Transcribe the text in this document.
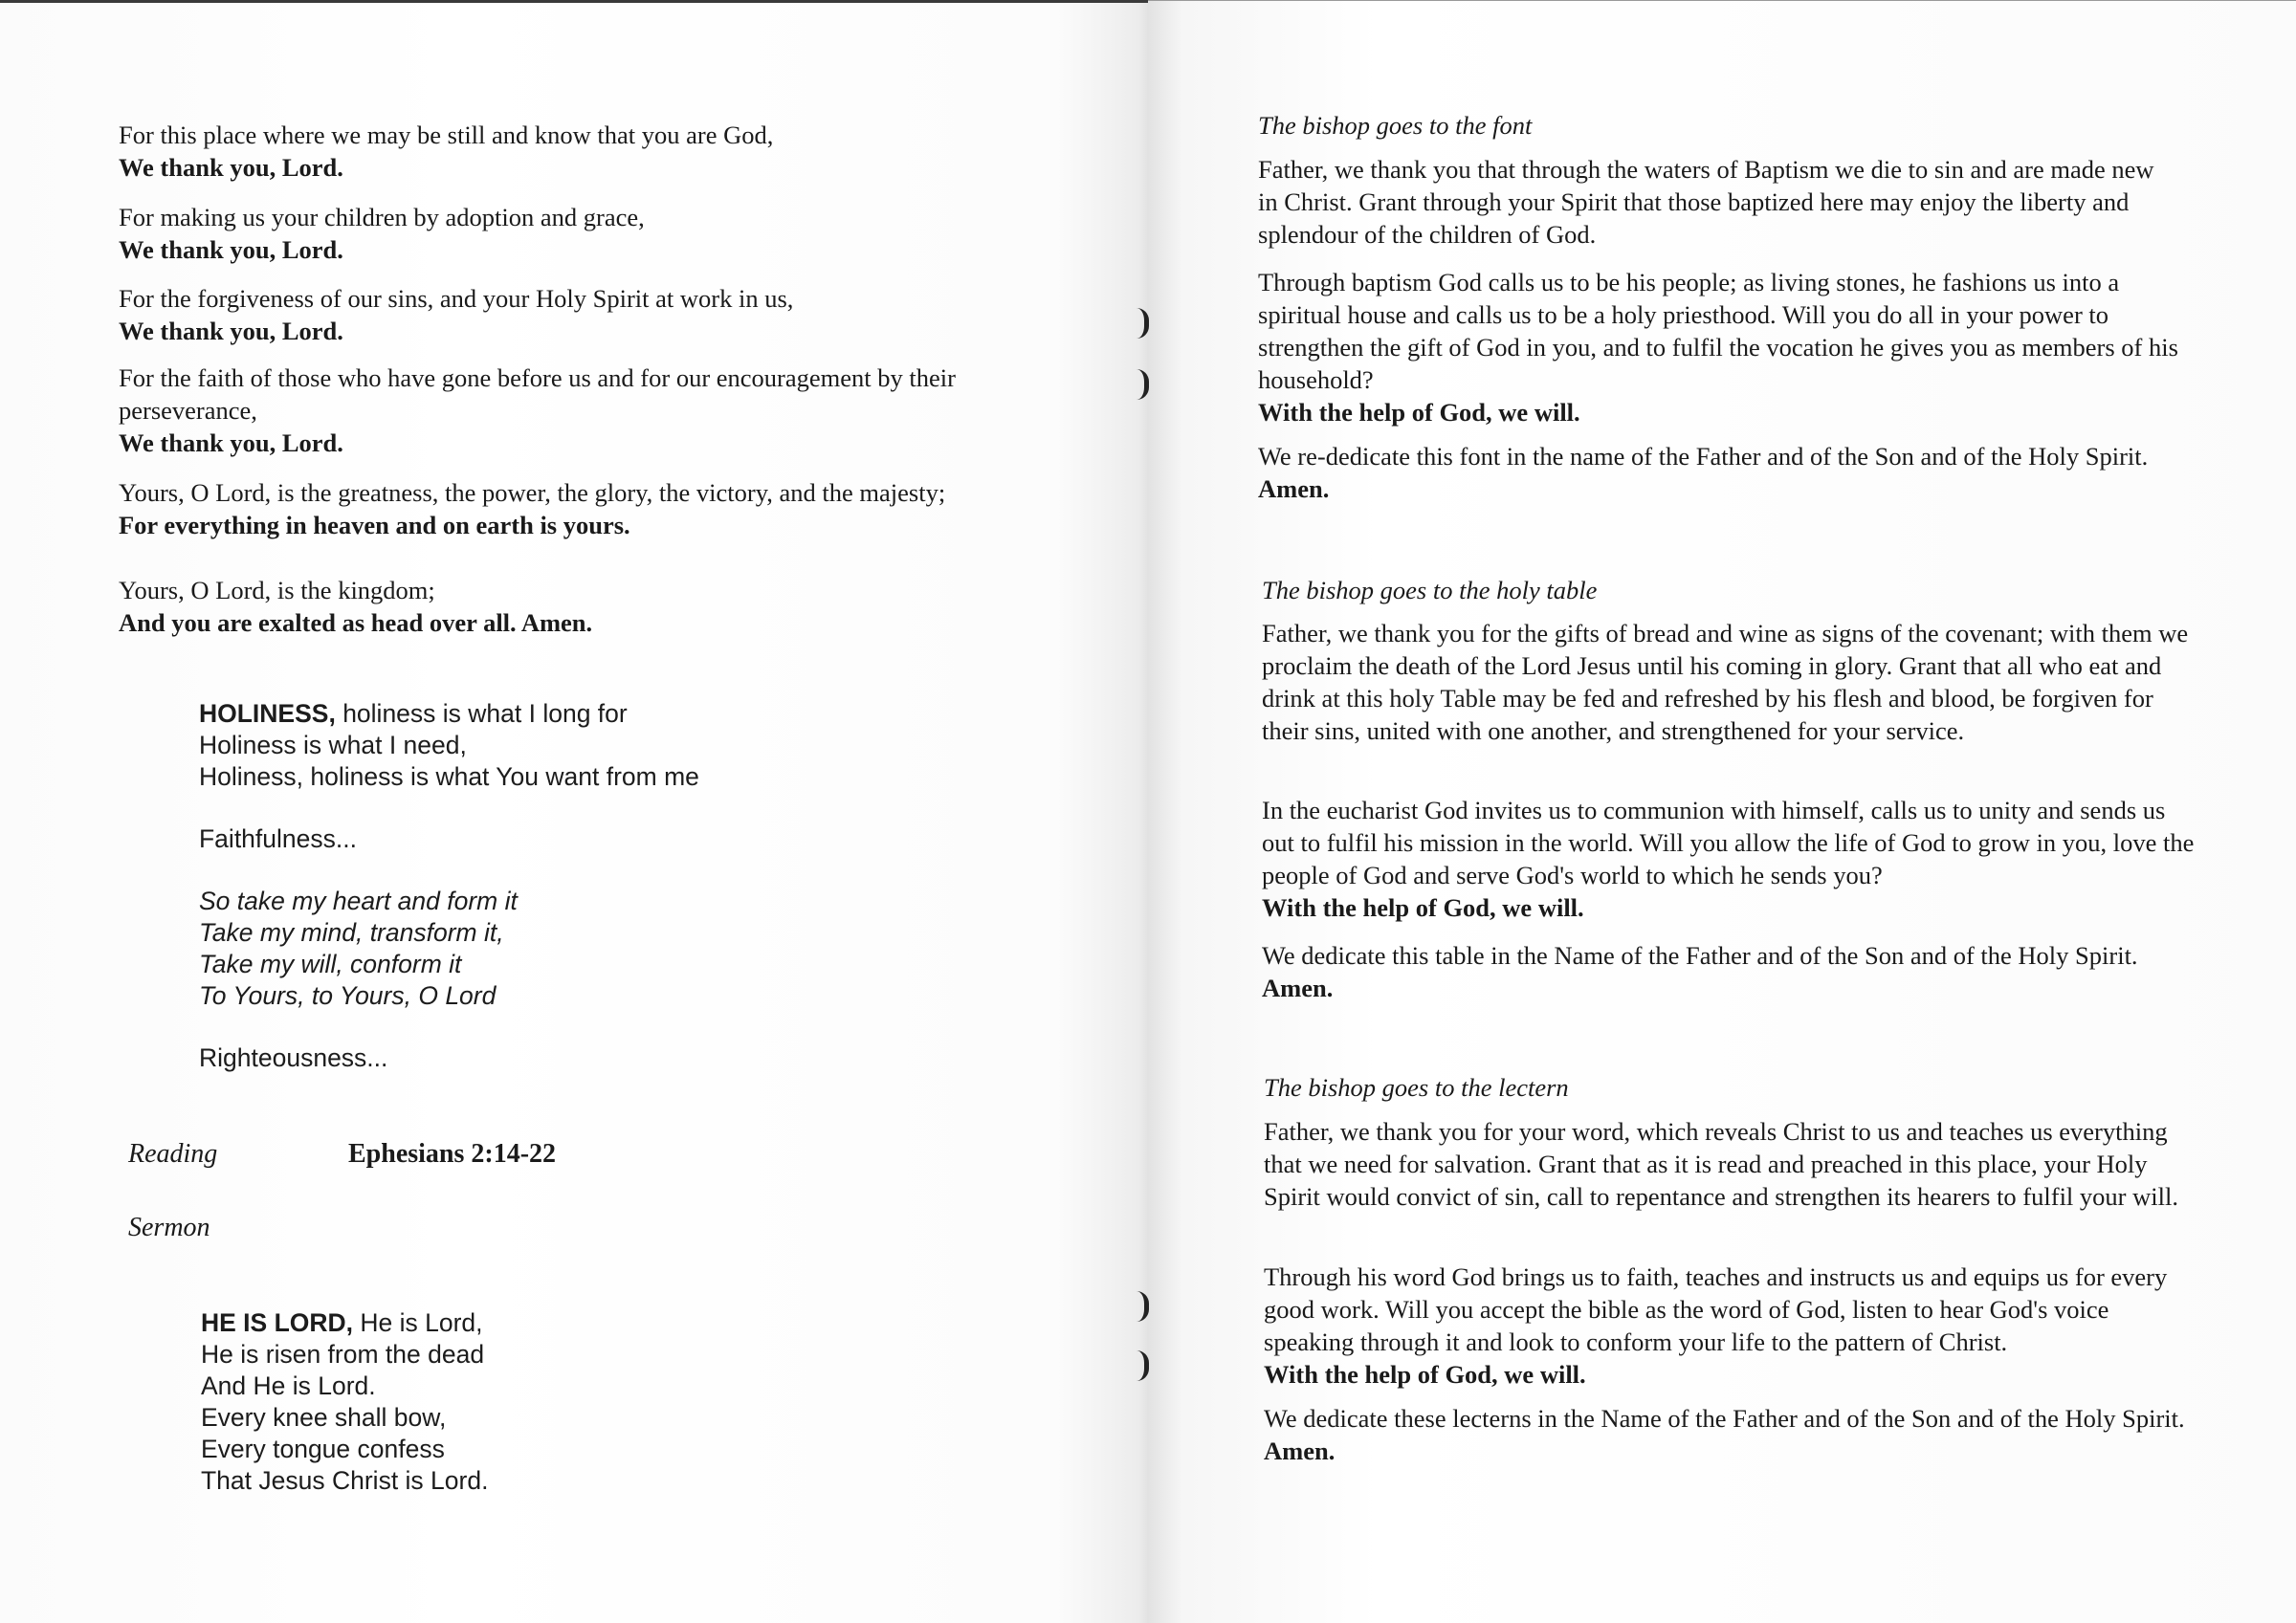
For this place where we may be still and know that you are God,

We thank you, Lord.

For making us your children by adoption and grace,

We thank you, Lord.

For the forgiveness of our sins, and your Holy Spirit at work in us,

We thank you, Lord.

For the faith of those who have gone before us and for our encouragement by their perseverance,

We thank you, Lord.

Yours, O Lord, is the greatness, the power, the glory, the victory, and the majesty;

For everything in heaven and on earth is yours.

Yours, O Lord, is the kingdom;

And you are exalted as head over all. Amen.

HOLINESS, holiness is what I long for
Holiness is what I need,
Holiness, holiness is what You want from me
Faithfulness...
So take my heart and form it
Take my mind, transform it,
Take my will, conform it
To Yours, to Yours, O Lord
Righteousness...
Reading	Ephesians 2:14-22
Sermon
HE IS LORD, He is Lord,
He is risen from the dead
And He is Lord.
Every knee shall bow,
Every tongue confess
That Jesus Christ is Lord.

The bishop goes to the font

Father, we thank you that through the waters of Baptism we die to sin and are made new in Christ. Grant through your Spirit that those baptized here may enjoy the liberty and splendour of the children of God.

Through baptism God calls us to be his people; as living stones, he fashions us into a spiritual house and calls us to be a holy priesthood. Will you do all in your power to strengthen the gift of God in you, and to fulfil the vocation he gives you as members of his household?

With the help of God, we will.

We re-dedicate this font in the name of the Father and of the Son and of the Holy Spirit.

Amen.

The bishop goes to the holy table

Father, we thank you for the gifts of bread and wine as signs of the covenant; with them we proclaim the death of the Lord Jesus until his coming in glory. Grant that all who eat and drink at this holy Table may be fed and refreshed by his flesh and blood, be forgiven for their sins, united with one another, and strengthened for your service.

In the eucharist God invites us to communion with himself, calls us to unity and sends us out to fulfil his mission in the world. Will you allow the life of God to grow in you, love the people of God and serve God's world to which he sends you?

With the help of God, we will.

We dedicate this table in the Name of the Father and of the Son and of the Holy Spirit.

Amen.

The bishop goes to the lectern

Father, we thank you for your word, which reveals Christ to us and teaches us everything that we need for salvation. Grant that as it is read and preached in this place, your Holy Spirit would convict of sin, call to repentance and strengthen its hearers to fulfil your will.

Through his word God brings us to faith, teaches and instructs us and equips us for every good work. Will you accept the bible as the word of God, listen to hear God's voice speaking through it and look to conform your life to the pattern of Christ.

With the help of God, we will.

We dedicate these lecterns in the Name of the Father and of the Son and of the Holy Spirit.

Amen.
